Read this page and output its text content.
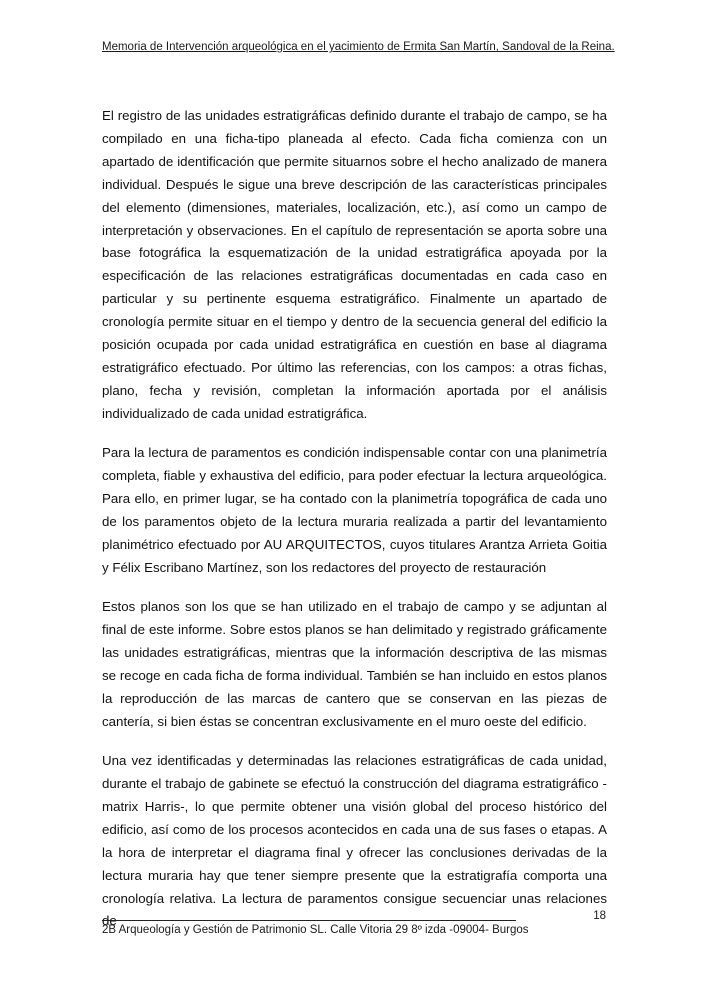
Memoria de Intervención arqueológica en el yacimiento de Ermita San Martín, Sandoval de la Reina.

El registro de las unidades estratigráficas definido durante el trabajo de campo, se ha compilado en una ficha-tipo planeada al efecto. Cada ficha comienza con un apartado de identificación que permite situarnos sobre el hecho analizado de manera individual. Después le sigue una breve descripción de las características principales del elemento (dimensiones, materiales, localización, etc.), así como un campo de interpretación y observaciones. En el capítulo de representación se aporta sobre una base fotográfica la esquematización de la unidad estratigráfica apoyada por la especificación de las relaciones estratigráficas documentadas en cada caso en particular y su pertinente esquema estratigráfico. Finalmente un apartado de cronología permite situar en el tiempo y dentro de la secuencia general del edificio la posición ocupada por cada unidad estratigráfica en cuestión en base al diagrama estratigráfico efectuado. Por último las referencias, con los campos: a otras fichas, plano, fecha y revisión, completan la información aportada por el análisis individualizado de cada unidad estratigráfica.

Para la lectura de paramentos es condición indispensable contar con una planimetría completa, fiable y exhaustiva del edificio, para poder efectuar la lectura arqueológica. Para ello, en primer lugar, se ha contado con la planimetría topográfica de cada uno de los paramentos objeto de la lectura muraria realizada a partir del levantamiento planimétrico efectuado por AU ARQUITECTOS, cuyos titulares Arantza Arrieta Goitia y Félix Escribano Martínez, son los redactores del proyecto de restauración

Estos planos son los que se han utilizado en el trabajo de campo y se adjuntan al final de este informe. Sobre estos planos se han delimitado y registrado gráficamente las unidades estratigráficas, mientras que la información descriptiva de las mismas se recoge en cada ficha de forma individual. También se han incluido en estos planos la reproducción de las marcas de cantero que se conservan en las piezas de cantería, si bien éstas se concentran exclusivamente en el muro oeste del edificio.

Una vez identificadas y determinadas las relaciones estratigráficas de cada unidad, durante el trabajo de gabinete se efectuó la construcción del diagrama estratigráfico -matrix Harris-, lo que permite obtener una visión global del proceso histórico del edificio, así como de los procesos acontecidos en cada una de sus fases o etapas. A la hora de interpretar el diagrama final y ofrecer las conclusiones derivadas de la lectura muraria hay que tener siempre presente que la estratigrafía comporta una cronología relativa. La lectura de paramentos consigue secuenciar unas relaciones de	18
2B Arqueología y Gestión de Patrimonio SL. Calle Vitoria 29 8º izda -09004- Burgos
